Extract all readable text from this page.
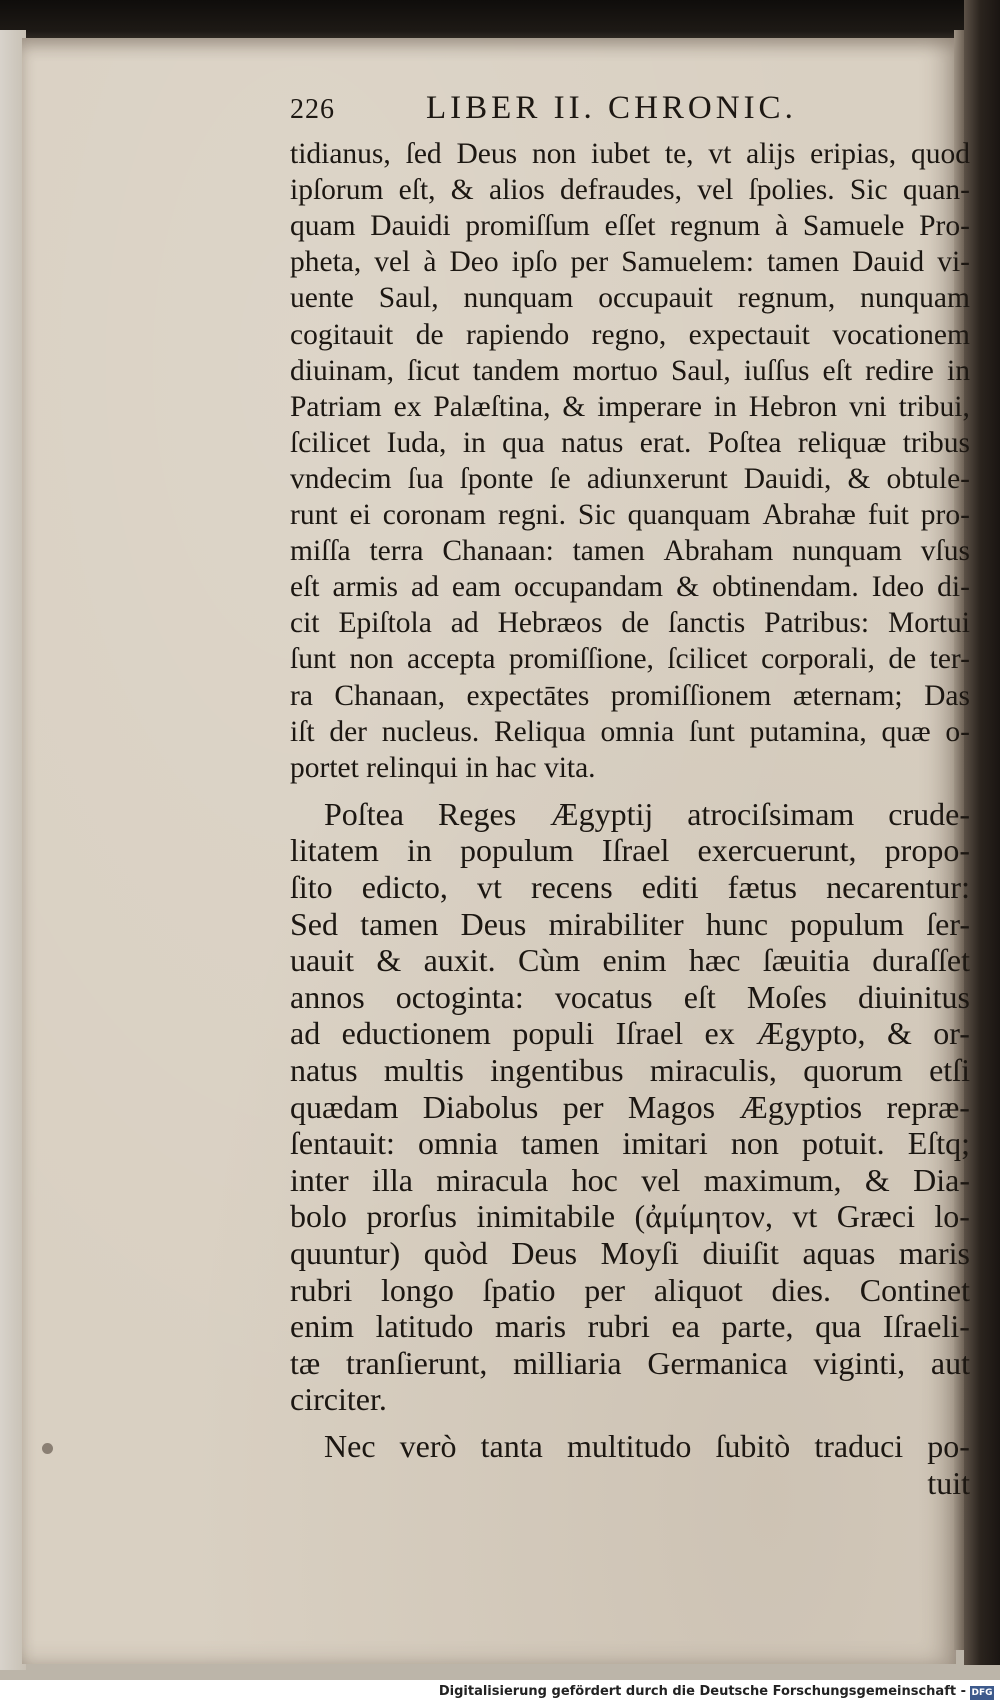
226	LIBER II. CHRONIC.
tidianus, ſed Deus non iubet te, vt alijs eripias, quod
ipſorum eſt, & alios defraudes, vel ſpolies. Sic quan-
quam Dauidi promiſſum eſſet regnum à Samuele Pro-
pheta, vel à Deo ipſo per Samuelem: tamen Dauid vi-
uente Saul, nunquam occupauit regnum, nunquam
cogitauit de rapiendo regno, expectauit vocationem
diuinam, ſicut tandem mortuo Saul, iuſſus eſt redire in
Patriam ex Palæſtina, & imperare in Hebron vni tribui,
ſcilicet Iuda, in qua natus erat. Poſtea reliquæ tribus
vndecim ſua ſponte ſe adiunxerunt Dauidi, & obtule-
runt ei coronam regni. Sic quanquam Abrahæ fuit pro-
miſſa terra Chanaan: tamen Abraham nunquam vſus
eſt armis ad eam occupandam & obtinendam. Ideo di-
cit Epiſtola ad Hebræos de ſanctis Patribus: Mortui
ſunt non accepta promiſſione, ſcilicet corporali, de ter-
ra Chanaan, expectātes promiſſionem æternam; Das
iſt der nucleus. Reliqua omnia ſunt putamina, quæ o-
portet relinqui in hac vita.
Poſtea Reges Ægyptij atrociſsimam crude-
litatem in populum Iſrael exercuerunt, propo-
ſito edicto, vt recens editi fætus necarentur:
Sed tamen Deus mirabiliter hunc populum ſer-
uauit & auxit. Cùm enim hæc ſæuitia duraſſet
annos octoginta: vocatus eſt Moſes diuinitus
ad eductionem populi Iſrael ex Ægypto, & or-
natus multis ingentibus miraculis, quorum etſi
quædam Diabolus per Magos Ægyptios repræ-
ſentauit: omnia tamen imitari non potuit. Eſtq;
inter illa miracula hoc vel maximum, & Dia-
bolo prorſus inimitabile (ἀμίμητον, vt Græci lo-
quuntur) quòd Deus Moyſi diuiſit aquas maris
rubri longo ſpatio per aliquot dies. Continet
enim latitudo maris rubri ea parte, qua Iſraeli-
tæ tranſierunt, milliaria Germanica viginti, aut
circiter.
Nec verò tanta multitudo ſubitò traduci po-
tuit
Digitalisierung gefördert durch die Deutsche Forschungsgemeinschaft - DFG
